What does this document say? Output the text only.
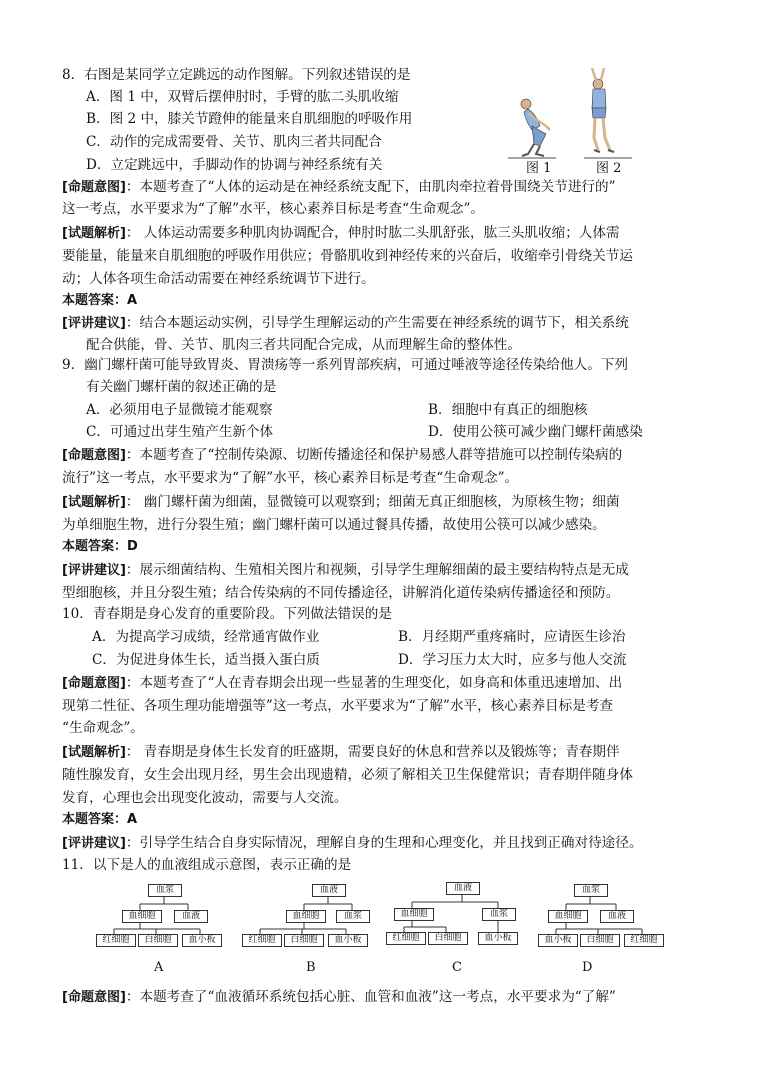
8．右图是某同学立定跳远的动作图解。下列叙述错误的是
A．图 1 中，双臂后摆伸肘时，手臂的肱二头肌收缩
B．图 2 中，膝关节蹬伸的能量来自肌细胞的呼吸作用
C．动作的完成需要骨、关节、肌肉三者共同配合
D．立定跳远中，手脚动作的协调与神经系统有关	图 1	图 2
[命题意图]：本题考查了“人体的运动是在神经系统支配下，由肌肉牵拉着骨围绕关节进行的”
这一考点，水平要求为“了解”水平，核心素养目标是考查“生命观念”。
[试题解析]： 人体运动需要多种肌肉协调配合，伸肘时肱二头肌舒张，肱三头肌收缩；人体需
要能量，能量来自肌细胞的呼吸作用供应；骨骼肌收到神经传来的兴奋后，收缩牵引骨绕关节运
动；人体各项生命活动需要在神经系统调节下进行。
本题答案：A
[评讲建议]：结合本题运动实例，引导学生理解运动的产生需要在神经系统的调节下，相关系统
配合供能，骨、关节、肌肉三者共同配合完成，从而理解生命的整体性。
9．幽门螺杆菌可能导致胃炎、胃溃疡等一系列胃部疾病，可通过唾液等途径传染给他人。下列
有关幽门螺杆菌的叙述正确的是
A．必须用电子显微镜才能观察	B．细胞中有真正的细胞核
C．可通过出芽生殖产生新个体	D．使用公筷可减少幽门螺杆菌感染
[命题意图]：本题考查了“控制传染源、切断传播途径和保护易感人群等措施可以控制传染病的
流行”这一考点，水平要求为“了解”水平，核心素养目标是考查“生命观念”。
[试题解析]： 幽门螺杆菌为细菌，显微镜可以观察到；细菌无真正细胞核，为原核生物；细菌
为单细胞生物，进行分裂生殖；幽门螺杆菌可以通过餐具传播，故使用公筷可以减少感染。
本题答案：D
[评讲建议]：展示细菌结构、生殖相关图片和视频，引导学生理解细菌的最主要结构特点是无成
型细胞核，并且分裂生殖；结合传染病的不同传播途径，讲解消化道传染病传播途径和预防。
10．青春期是身心发育的重要阶段。下列做法错误的是
A．为提高学习成绩，经常通宵做作业	B．月经期严重疼痛时，应请医生诊治
C．为促进身体生长，适当摄入蛋白质	D．学习压力太大时，应多与他人交流
[命题意图]：本题考查了“人在青春期会出现一些显著的生理变化，如身高和体重迅速增加、出
现第二性征、各项生理功能增强等”这一考点，水平要求为“了解”水平，核心素养目标是考查
“生命观念”。
[试题解析]： 青春期是身体生长发育的旺盛期，需要良好的休息和营养以及锻炼等；青春期伴
随性腺发育，女生会出现月经，男生会出现遗精，必须了解相关卫生保健常识；青春期伴随身体
发育，心理也会出现变化波动，需要与人交流。
本题答案：A
[评讲建议]：引导学生结合自身实际情况，理解自身的生理和心理变化，并且找到正确对待途径。
11．以下是人的血液组成示意图，表示正确的是
血浆
血细胞	血液
红细胞	白细胞	血小板
A
血液
血细胞	血浆
红细胞	白细胞	血小板
B
血液
血细胞	血浆
红细胞	白细胞	血小板
C
血浆
血细胞	血液
血小板	白细胞	红细胞
D
[命题意图]：本题考查了“血液循环系统包括心脏、血管和血液”这一考点，水平要求为“了解”
